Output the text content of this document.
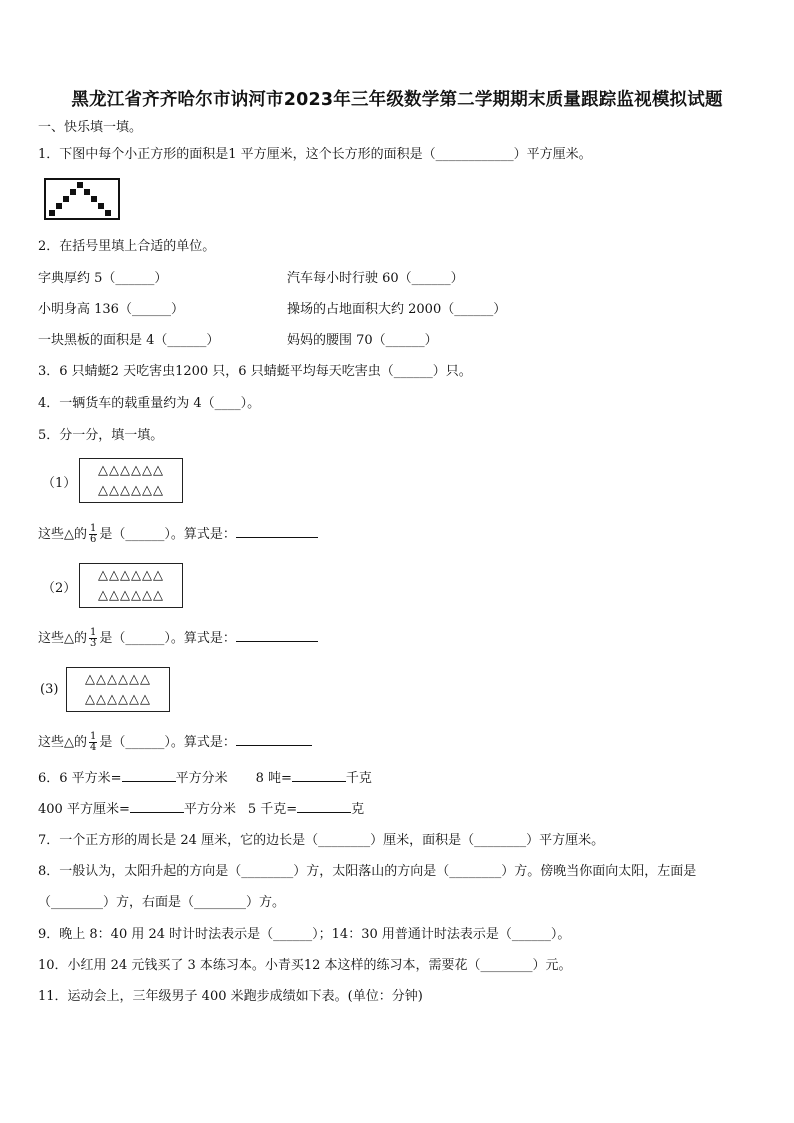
黑龙江省齐齐哈尔市讷河市2023年三年级数学第二学期期末质量跟踪监视模拟试题
一、快乐填一填。
1．下图中每个小正方形的面积是1 平方厘米，这个长方形的面积是（____________）平方厘米。
2．在括号里填上合适的单位。
字典厚约 5（______）	汽车每小时行驶 60（______）
小明身高 136（______）	操场的占地面积大约 2000（______）
一块黑板的面积是 4（______）	妈妈的腰围 70（______）
3．6 只蜻蜓2 天吃害虫1200 只，6 只蜻蜓平均每天吃害虫（______）只。
4．一辆货车的载重量约为 4（____）。
5．分一分，填一填。
（1）
△△△△△△
△△△△△△
这些△的 $\frac{1}{6}$ 是（______）。算式是：
（2）
△△△△△△
△△△△△△
这些△的 $\frac{1}{3}$ 是（______）。算式是：
(3)
△△△△△△
△△△△△△
这些△的 $\frac{1}{4}$ 是（______）。算式是：
6．6 平方米=	平方分米 8 吨=	千克
400 平方厘米=	平方分米 5 千克=	克
7．一个正方形的周长是 24 厘米，它的边长是（________）厘米，面积是（________）平方厘米。
8．一般认为，太阳升起的方向是（________）方，太阳落山的方向是（________）方。傍晚当你面向太阳，左面是
（________）方，右面是（________）方。
9．晚上 8：40 用 24 时计时法表示是（______）；14：30 用普通计时法表示是（______）。
10．小红用 24 元钱买了 3 本练习本。小青买12 本这样的练习本，需要花（________）元。
11．运动会上，三年级男子 400 米跑步成绩如下表。(单位：分钟)
